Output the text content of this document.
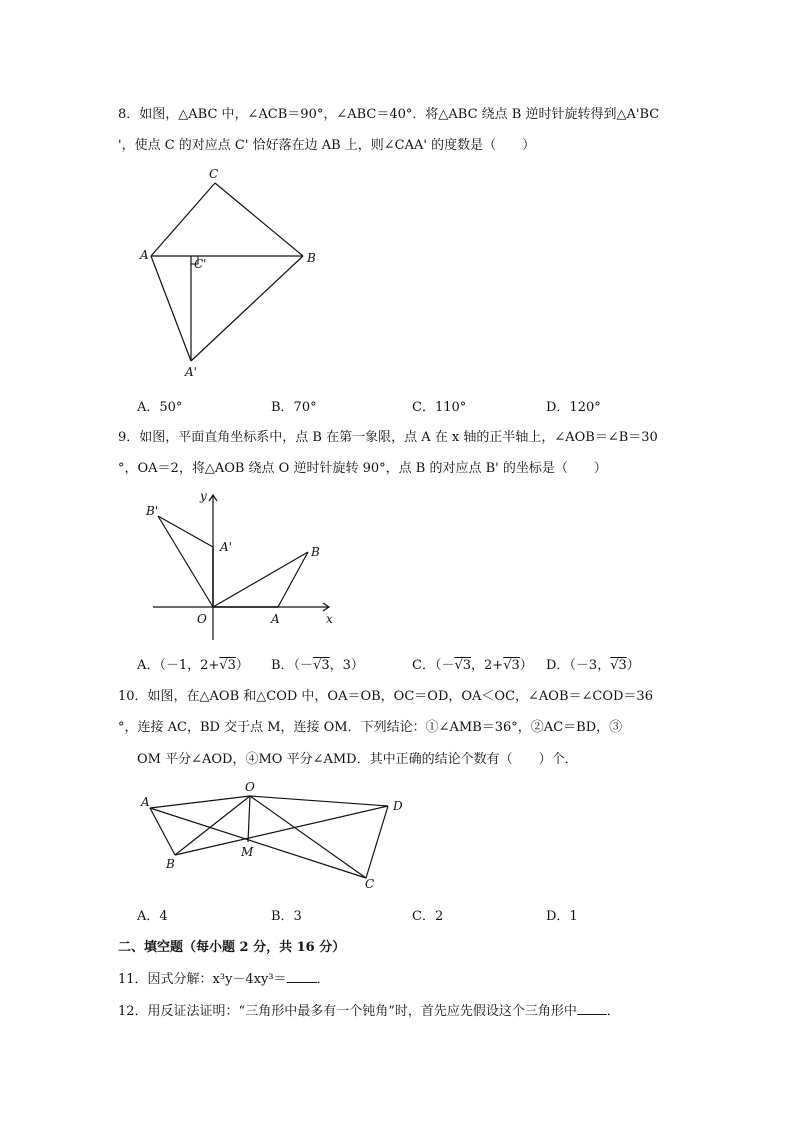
8．如图，△ABC 中，∠ACB＝90°，∠ABC＝40°．将△ABC 绕点 B 逆时针旋转得到△A'BC
'，使点 C 的对应点 C' 恰好落在边 AB 上，则∠CAA' 的度数是（　　）
C
A	B
C'
A'
A．50°	B．70°	C．110°	D．120°
9．如图，平面直角坐标系中，点 B 在第一象限，点 A 在 x 轴的正半轴上，∠AOB＝∠B＝30
°，OA＝2，将△AOB 绕点 O 逆时针旋转 90°，点 B 的对应点 B' 的坐标是（　　）
B'
y
A'	B
O	A	x
A．（－1，2+√3） B．（－√3，3）	C．（－√3，2+√3） D．（－3，√3）
10．如图，在△AOB 和△COD 中，OA＝OB，OC＝OD，OA＜OC，∠AOB＝∠COD＝36
°，连接 AC，BD 交于点 M，连接 OM．下列结论：①∠AMB＝36°，②AC＝BD，③
OM 平分∠AOD，④MO 平分∠AMD．其中正确的结论个数有（　　）个．
O
A	D
B
M
C
A．4	B．3	C．2	D．1
二、填空题（每小题 2 分，共 16 分）
11．因式分解：x³y－4xy³＝ ．
12．用反证法证明：“三角形中最多有一个钝角”时，首先应先假设这个三角形中 ．
